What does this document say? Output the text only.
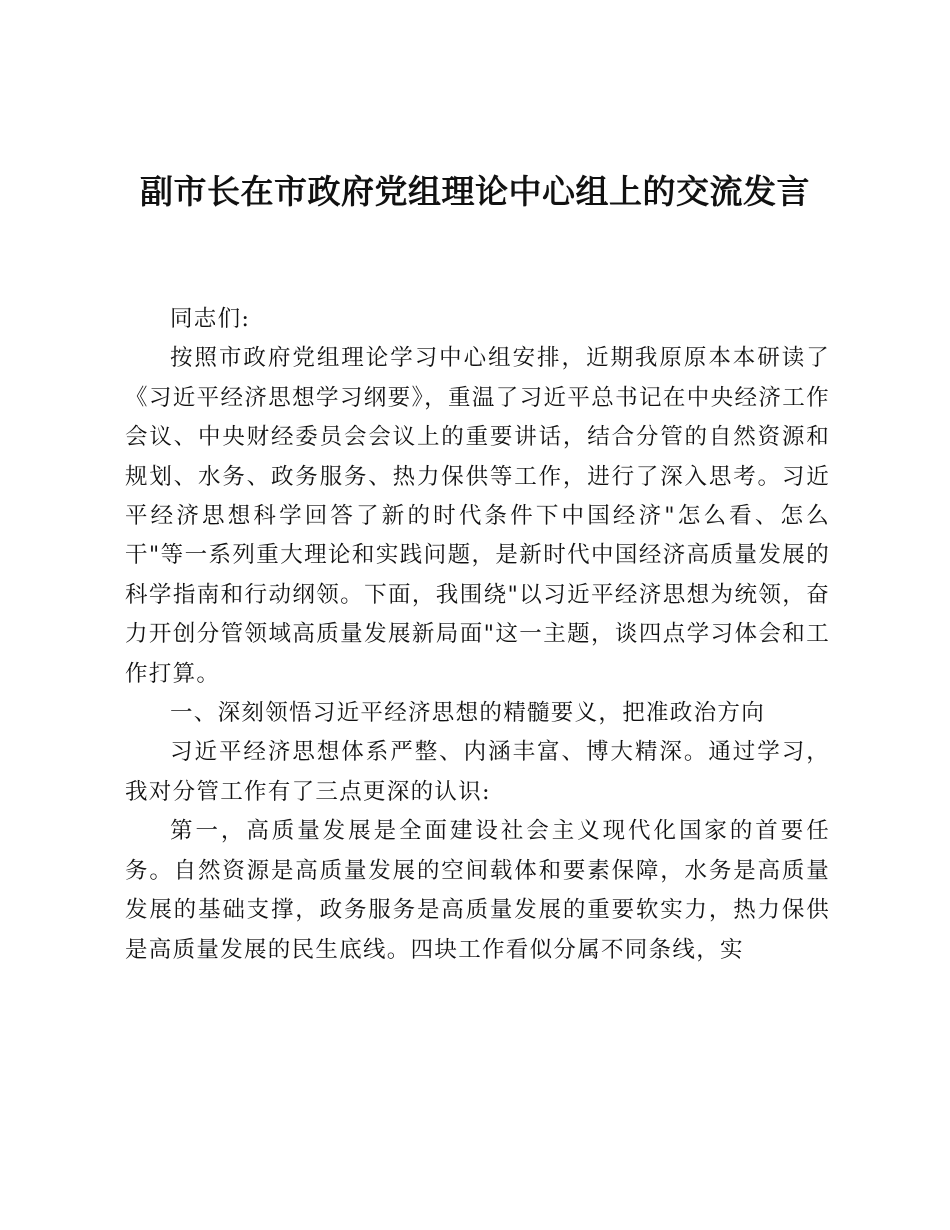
副市长在市政府党组理论中心组上的交流发言

同志们:

按照市政府党组理论学习中心组安排，近期我原原本本研读了《习近平经济思想学习纲要》，重温了习近平总书记在中央经济工作会议、中央财经委员会会议上的重要讲话，结合分管的自然资源和规划、水务、政务服务、热力保供等工作，进行了深入思考。习近平经济思想科学回答了新的时代条件下中国经济"怎么看、怎么干"等一系列重大理论和实践问题，是新时代中国经济高质量发展的科学指南和行动纲领。下面，我围绕"以习近平经济思想为统领，奋力开创分管领域高质量发展新局面"这一主题，谈四点学习体会和工作打算。

一、深刻领悟习近平经济思想的精髓要义，把准政治方向

习近平经济思想体系严整、内涵丰富、博大精深。通过学习，我对分管工作有了三点更深的认识:

第一，高质量发展是全面建设社会主义现代化国家的首要任务。自然资源是高质量发展的空间载体和要素保障，水务是高质量发展的基础支撑，政务服务是高质量发展的重要软实力，热力保供是高质量发展的民生底线。四块工作看似分属不同条线，实
